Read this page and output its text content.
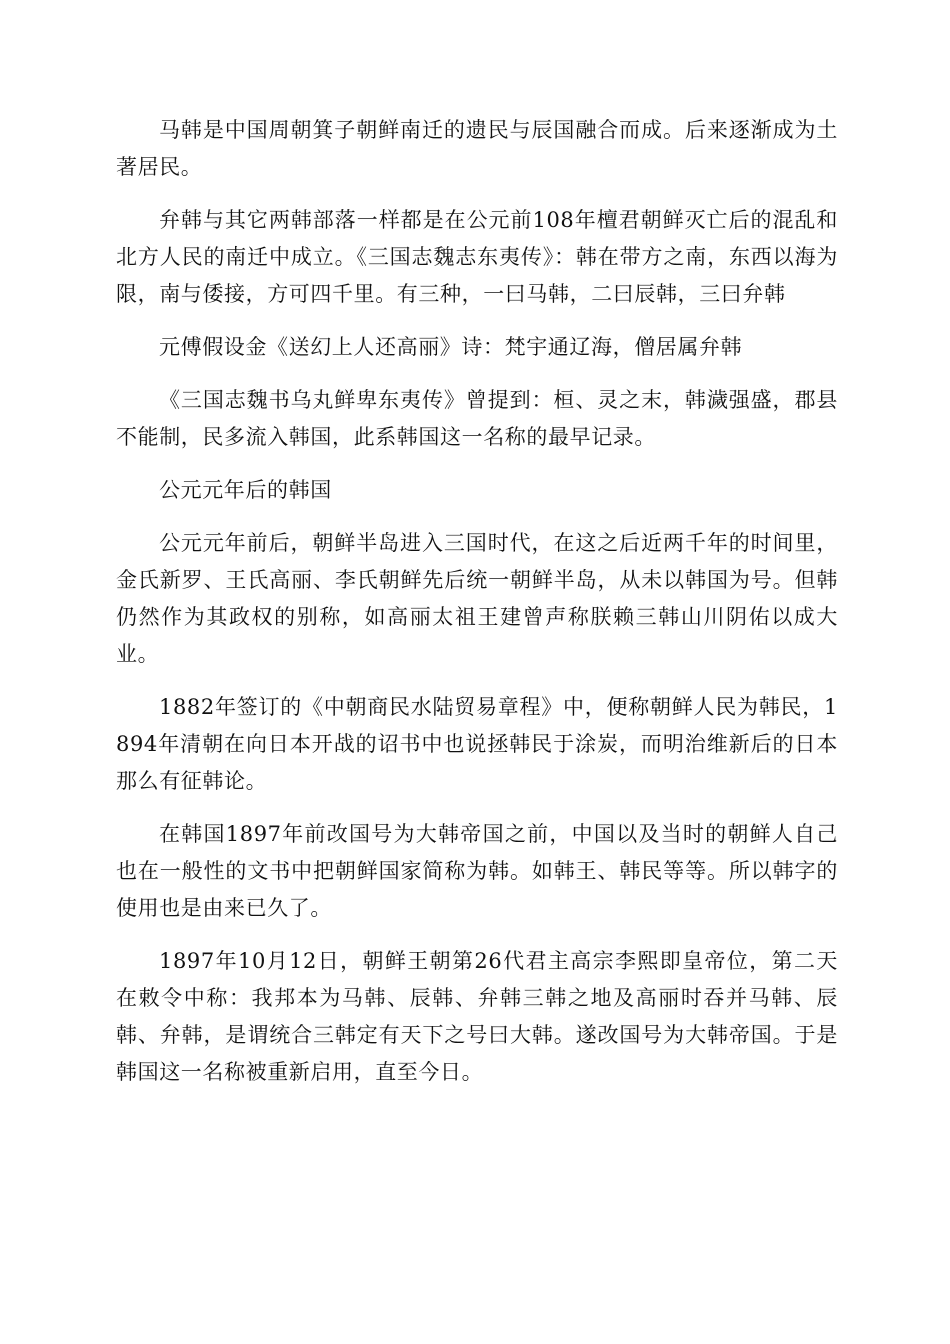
马韩是中国周朝箕子朝鲜南迁的遗民与辰国融合而成。后来逐渐成为土著居民。

弁韩与其它两韩部落一样都是在公元前108年檀君朝鲜灭亡后的混乱和北方人民的南迁中成立。《三国志魏志东夷传》：韩在带方之南，东西以海为限，南与倭接，方可四千里。有三种，一曰马韩，二曰辰韩，三曰弁韩

元傅假设金《送幻上人还高丽》诗：梵宇通辽海，僧居属弁韩

《三国志魏书乌丸鲜卑东夷传》曾提到：桓、灵之末，韩濊强盛，郡县不能制，民多流入韩国，此系韩国这一名称的最早记录。

公元元年后的韩国

公元元年前后，朝鲜半岛进入三国时代，在这之后近两千年的时间里，金氏新罗、王氏高丽、李氏朝鲜先后统一朝鲜半岛，从未以韩国为号。但韩仍然作为其政权的别称，如高丽太祖王建曾声称朕赖三韩山川阴佑以成大业。

1882年签订的《中朝商民水陆贸易章程》中，便称朝鲜人民为韩民，1894年清朝在向日本开战的诏书中也说拯韩民于涂炭，而明治维新后的日本那么有征韩论。

在韩国1897年前改国号为大韩帝国之前，中国以及当时的朝鲜人自己也在一般性的文书中把朝鲜国家简称为韩。如韩王、韩民等等。所以韩字的使用也是由来已久了。

1897年10月12日，朝鲜王朝第26代君主高宗李熙即皇帝位，第二天在敕令中称：我邦本为马韩、辰韩、弁韩三韩之地及高丽时吞并马韩、辰韩、弁韩，是谓统合三韩定有天下之号曰大韩。遂改国号为大韩帝国。于是韩国这一名称被重新启用，直至今日。
